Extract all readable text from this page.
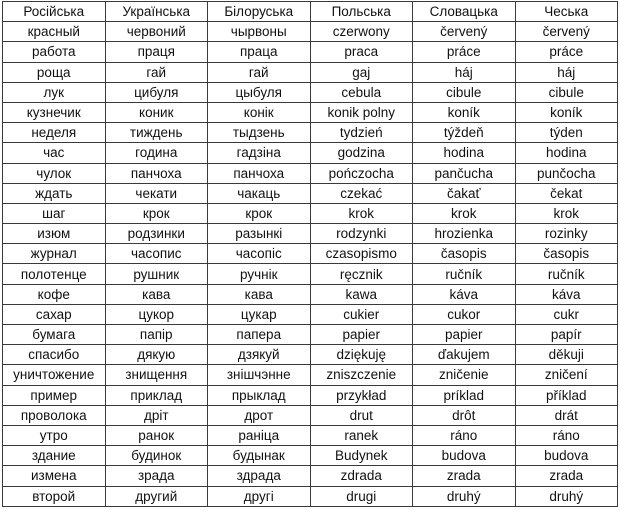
Російська	Українська	Білоруська	Польська	Словацька	Чеська
красный	червоний	чырвоны	czerwony	červený	červený
работа	праця	праца	praca	práce	práce
роща	гай	гай	gaj	háj	háj
лук	цибуля	цыбуля	cebula	cibule	cibule
кузнечик	коник	конік	konik polny	koník	koník
неделя	тиждень	тыдзень	tydzień	týždeň	týden
час	година	гадзіна	godzina	hodina	hodina
чулок	панчоха	панчоха	pończocha	pančucha	punčocha
ждать	чекати	чакаць	czekać	čakať	čekat
шаг	крок	крок	krok	krok	krok
изюм	родзинки	разынкі	rodzynki	hrozienka	rozinky
журнал	часопис	часопіс	czasopismo	časopis	časopis
полотенце	рушник	ручнік	ręcznik	ručník	ručník
кофе	кава	кава	kawa	káva	káva
сахар	цукор	цукар	cukier	cukor	cukr
бумага	папір	папера	papier	papier	papír
спасибо	дякую	дзякуй	dziękuję	ďakujem	děkuji
уничтожение	знищення	знішчэнне	zniszczenie	zničenie	zničení
пример	приклад	прыклад	przykład	príklad	příklad
проволока	дріт	дрот	drut	drôt	drát
утро	ранок	раніца	ranek	ráno	ráno
здание	будинок	будынак	Budynek	budova	budova
измена	зрада	здрада	zdrada	zrada	zrada
второй	другий	другі	drugi	druhý	druhý
